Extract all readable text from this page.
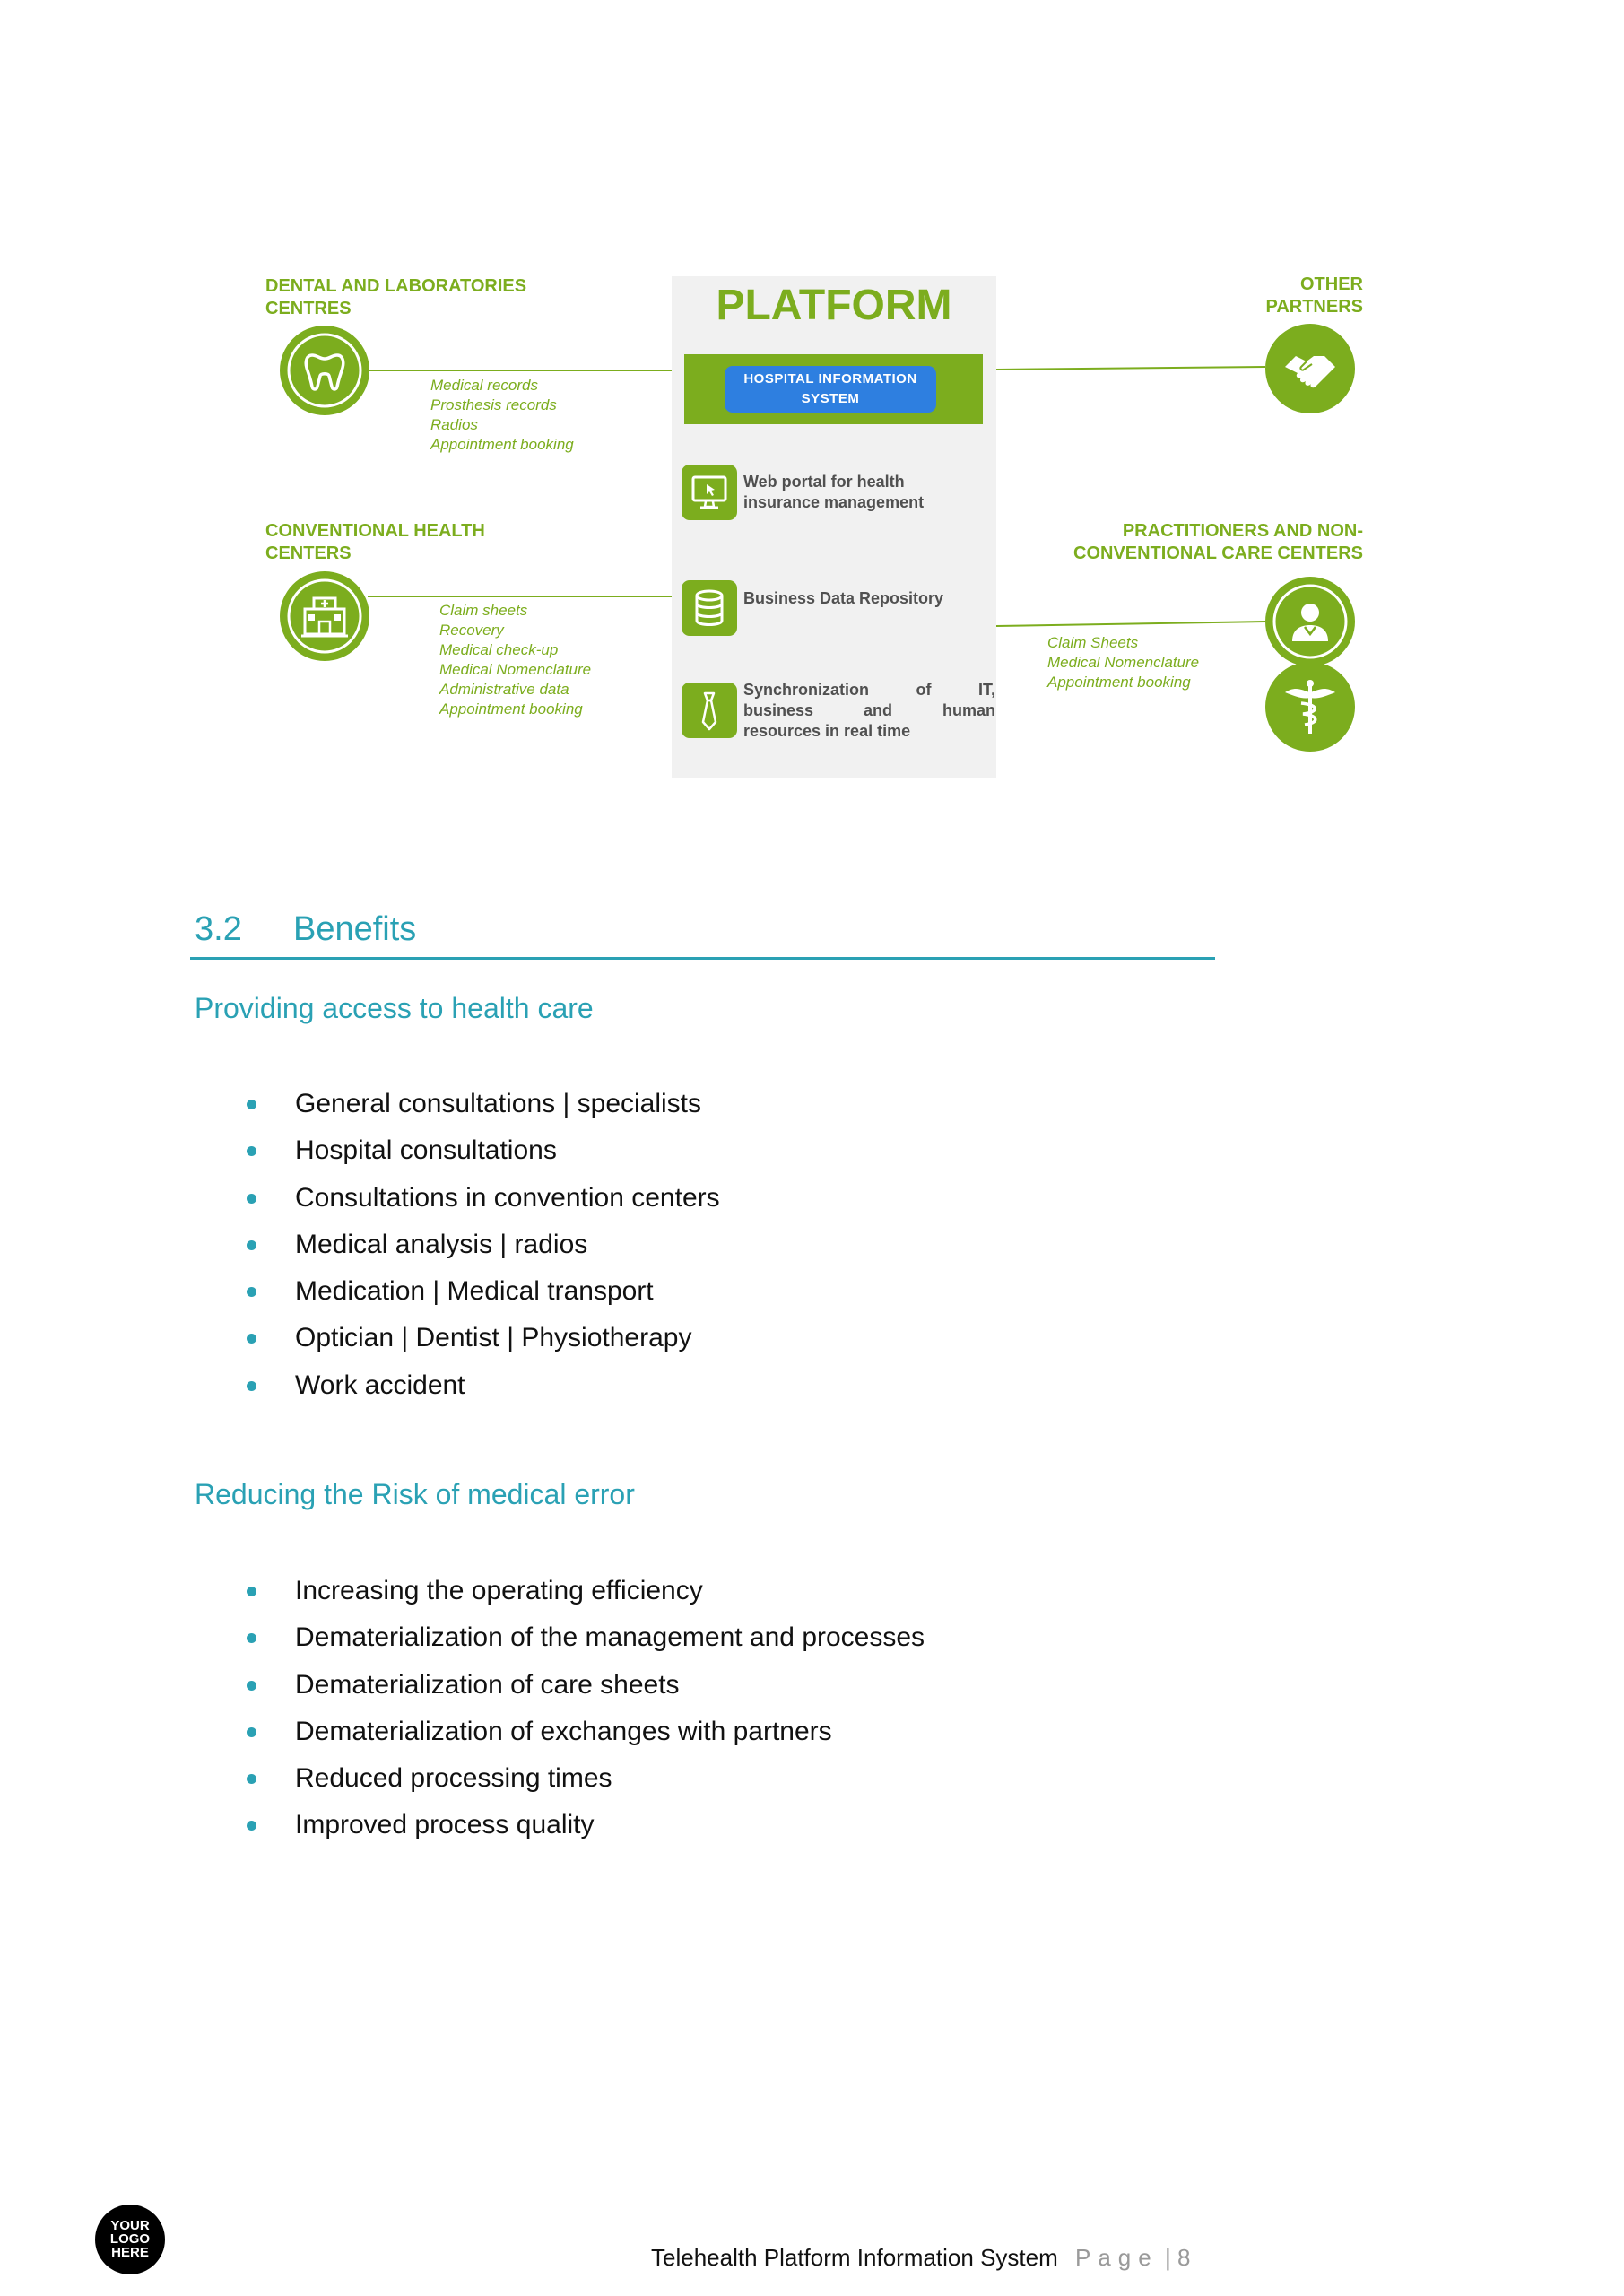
DENTAL AND LABORATORIES
CENTRES
Medical records
Prosthesis records
Radios
Appointment booking
CONVENTIONAL HEALTH
CENTERS
Claim sheets
Recovery
Medical check-up
Medical Nomenclature
Administrative data
Appointment booking
PLATFORM
HOSPITAL INFORMATION
SYSTEM
Web portal for health
insurance management
Business Data Repository
Synchronization	of	IT,
business	and	human
resources in real time
OTHER
PARTNERS
PRACTITIONERS AND NON-
CONVENTIONAL CARE CENTERS
Claim Sheets
Medical Nomenclature
Appointment booking
3.2 Benefits
Providing access to health care
General consultations | specialists
Hospital consultations
Consultations in convention centers
Medical analysis | radios
Medication | Medical transport
Optician | Dentist | Physiotherapy
Work accident
Reducing the Risk of medical error
Increasing the operating efficiency
Dematerialization of the management and processes
Dematerialization of care sheets
Dematerialization of exchanges with partners
Reduced processing times
Improved process quality
YOUR
LOGO
HERE	Telehealth Platform Information System Page | 8
